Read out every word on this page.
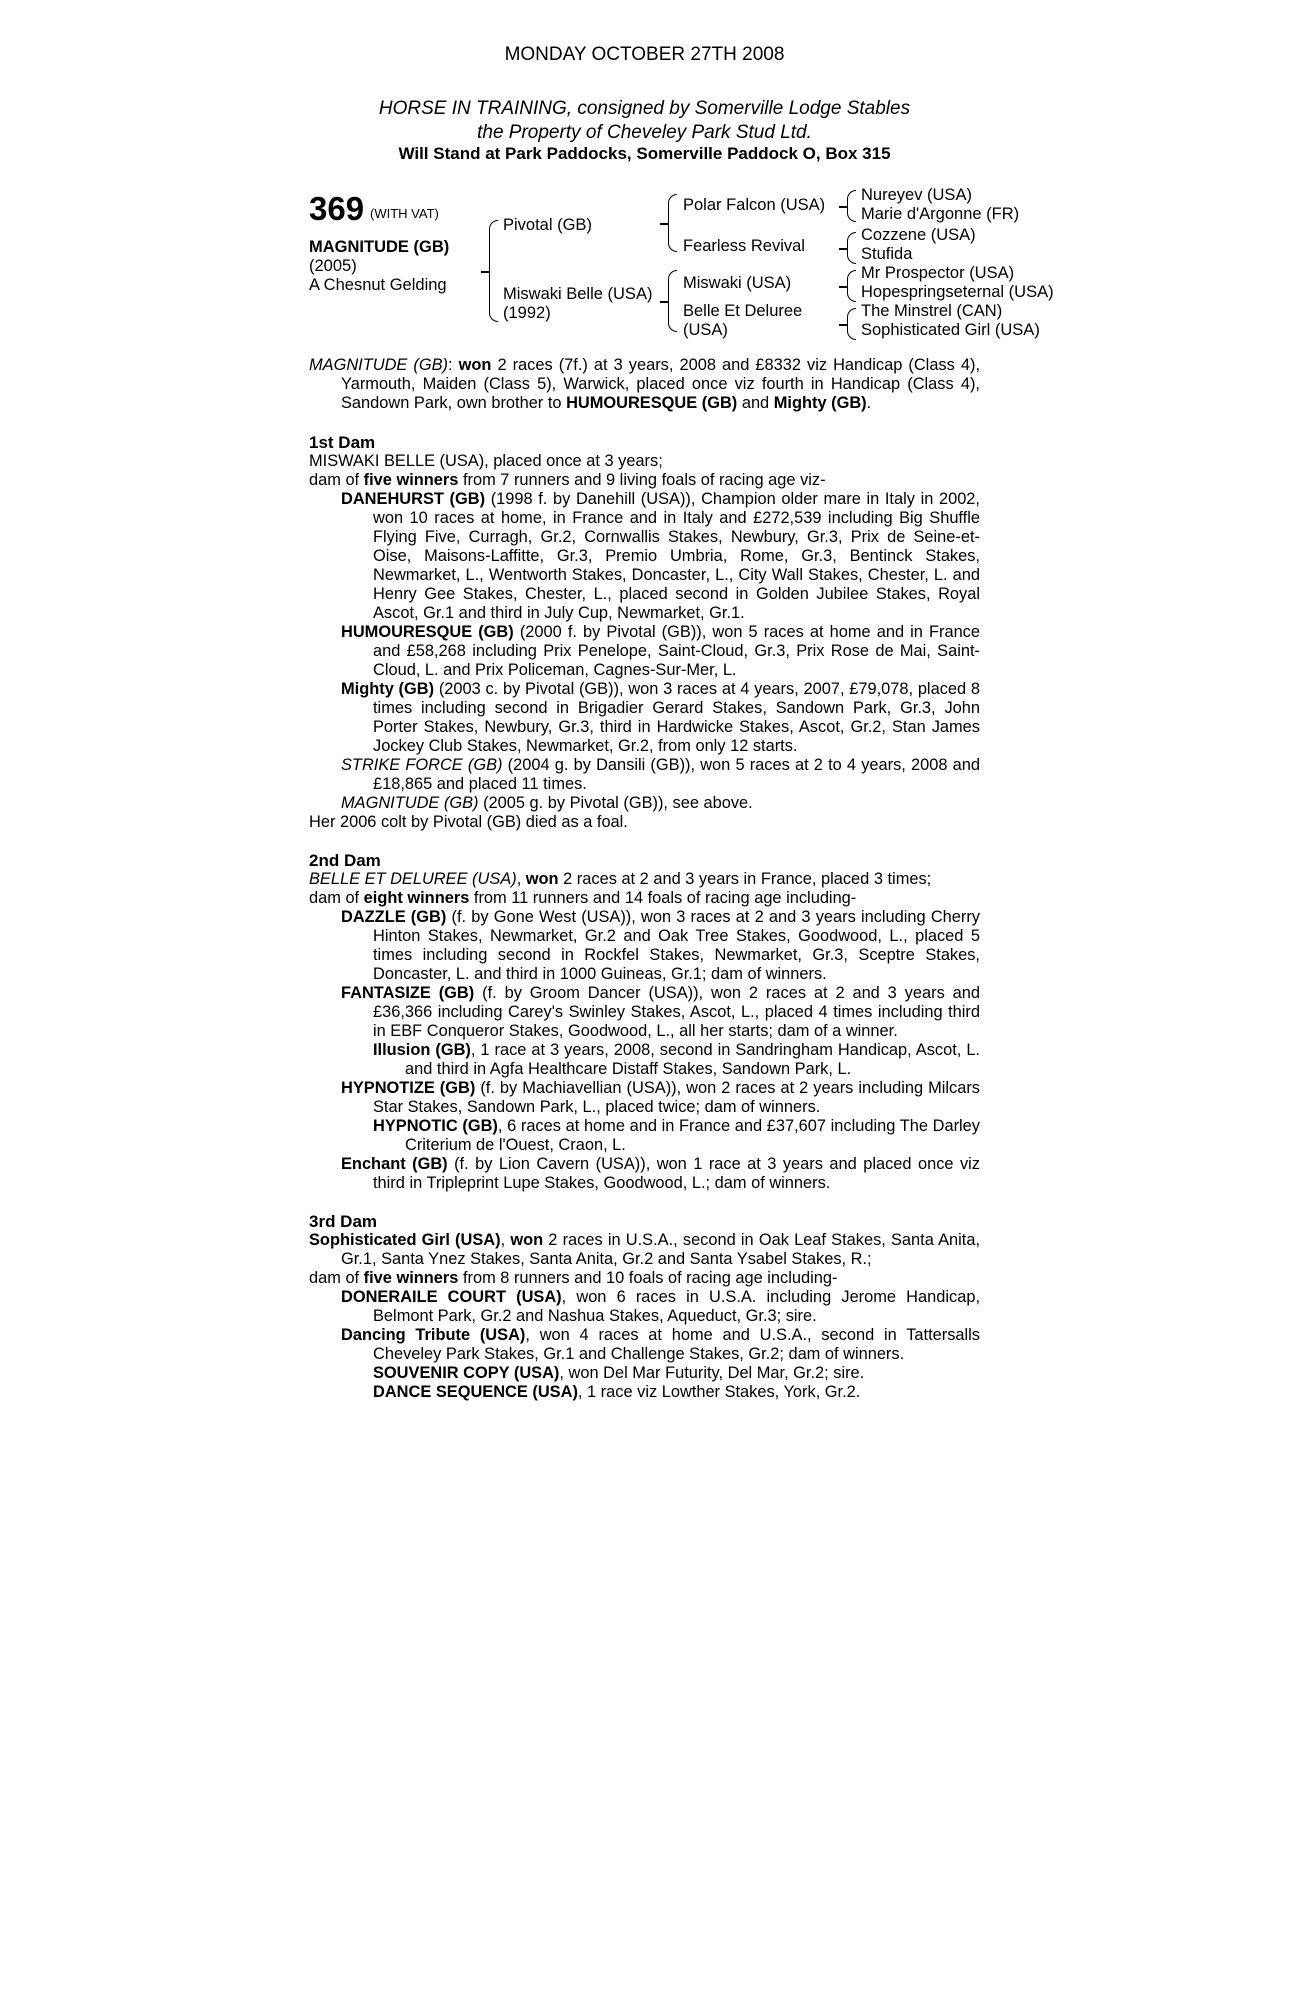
MONDAY OCTOBER 27TH 2008
HORSE IN TRAINING, consigned by Somerville Lodge Stables
the Property of Cheveley Park Stud Ltd.
Will Stand at Park Paddocks, Somerville Paddock O, Box 315
369 (WITH VAT)
MAGNITUDE (GB)
(2005)
A Chesnut Gelding
Pivotal (GB)
Miswaki Belle (USA)
(1992)
Polar Falcon (USA)
Fearless Revival
Miswaki (USA)
Belle Et Deluree
(USA)
Nureyev (USA)
Marie d'Argonne (FR)
Cozzene (USA)
Stufida
Mr Prospector (USA)
Hopespringseternal (USA)
The Minstrel (CAN)
Sophisticated Girl (USA)

MAGNITUDE (GB): won 2 races (7f.) at 3 years, 2008 and £8332 viz Handicap (Class 4), Yarmouth, Maiden (Class 5), Warwick, placed once viz fourth in Handicap (Class 4), Sandown Park, own brother to HUMOURESQUE (GB) and Mighty (GB).

1st Dam

MISWAKI BELLE (USA), placed once at 3 years;

dam of five winners from 7 runners and 9 living foals of racing age viz-

DANEHURST (GB) (1998 f. by Danehill (USA)), Champion older mare in Italy in 2002, won 10 races at home, in France and in Italy and £272,539 including Big Shuffle Flying Five, Curragh, Gr.2, Cornwallis Stakes, Newbury, Gr.3, Prix de Seine-et-Oise, Maisons-Laffitte, Gr.3, Premio Umbria, Rome, Gr.3, Bentinck Stakes, Newmarket, L., Wentworth Stakes, Doncaster, L., City Wall Stakes, Chester, L. and Henry Gee Stakes, Chester, L., placed second in Golden Jubilee Stakes, Royal Ascot, Gr.1 and third in July Cup, Newmarket, Gr.1.

HUMOURESQUE (GB) (2000 f. by Pivotal (GB)), won 5 races at home and in France and £58,268 including Prix Penelope, Saint-Cloud, Gr.3, Prix Rose de Mai, Saint-Cloud, L. and Prix Policeman, Cagnes-Sur-Mer, L.

Mighty (GB) (2003 c. by Pivotal (GB)), won 3 races at 4 years, 2007, £79,078, placed 8 times including second in Brigadier Gerard Stakes, Sandown Park, Gr.3, John Porter Stakes, Newbury, Gr.3, third in Hardwicke Stakes, Ascot, Gr.2, Stan James Jockey Club Stakes, Newmarket, Gr.2, from only 12 starts.

STRIKE FORCE (GB) (2004 g. by Dansili (GB)), won 5 races at 2 to 4 years, 2008 and £18,865 and placed 11 times.

MAGNITUDE (GB) (2005 g. by Pivotal (GB)), see above.

Her 2006 colt by Pivotal (GB) died as a foal.

2nd Dam

BELLE ET DELUREE (USA), won 2 races at 2 and 3 years in France, placed 3 times;

dam of eight winners from 11 runners and 14 foals of racing age including-

DAZZLE (GB) (f. by Gone West (USA)), won 3 races at 2 and 3 years including Cherry Hinton Stakes, Newmarket, Gr.2 and Oak Tree Stakes, Goodwood, L., placed 5 times including second in Rockfel Stakes, Newmarket, Gr.3, Sceptre Stakes, Doncaster, L. and third in 1000 Guineas, Gr.1; dam of winners.

FANTASIZE (GB) (f. by Groom Dancer (USA)), won 2 races at 2 and 3 years and £36,366 including Carey's Swinley Stakes, Ascot, L., placed 4 times including third in EBF Conqueror Stakes, Goodwood, L., all her starts; dam of a winner.

Illusion (GB), 1 race at 3 years, 2008, second in Sandringham Handicap, Ascot, L. and third in Agfa Healthcare Distaff Stakes, Sandown Park, L.

HYPNOTIZE (GB) (f. by Machiavellian (USA)), won 2 races at 2 years including Milcars Star Stakes, Sandown Park, L., placed twice; dam of winners.

HYPNOTIC (GB), 6 races at home and in France and £37,607 including The Darley Criterium de l'Ouest, Craon, L.

Enchant (GB) (f. by Lion Cavern (USA)), won 1 race at 3 years and placed once viz third in Tripleprint Lupe Stakes, Goodwood, L.; dam of winners.

3rd Dam

Sophisticated Girl (USA), won 2 races in U.S.A., second in Oak Leaf Stakes, Santa Anita, Gr.1, Santa Ynez Stakes, Santa Anita, Gr.2 and Santa Ysabel Stakes, R.;

dam of five winners from 8 runners and 10 foals of racing age including-

DONERAILE COURT (USA), won 6 races in U.S.A. including Jerome Handicap, Belmont Park, Gr.2 and Nashua Stakes, Aqueduct, Gr.3; sire.

Dancing Tribute (USA), won 4 races at home and U.S.A., second in Tattersalls Cheveley Park Stakes, Gr.1 and Challenge Stakes, Gr.2; dam of winners.

SOUVENIR COPY (USA), won Del Mar Futurity, Del Mar, Gr.2; sire.

DANCE SEQUENCE (USA), 1 race viz Lowther Stakes, York, Gr.2.
